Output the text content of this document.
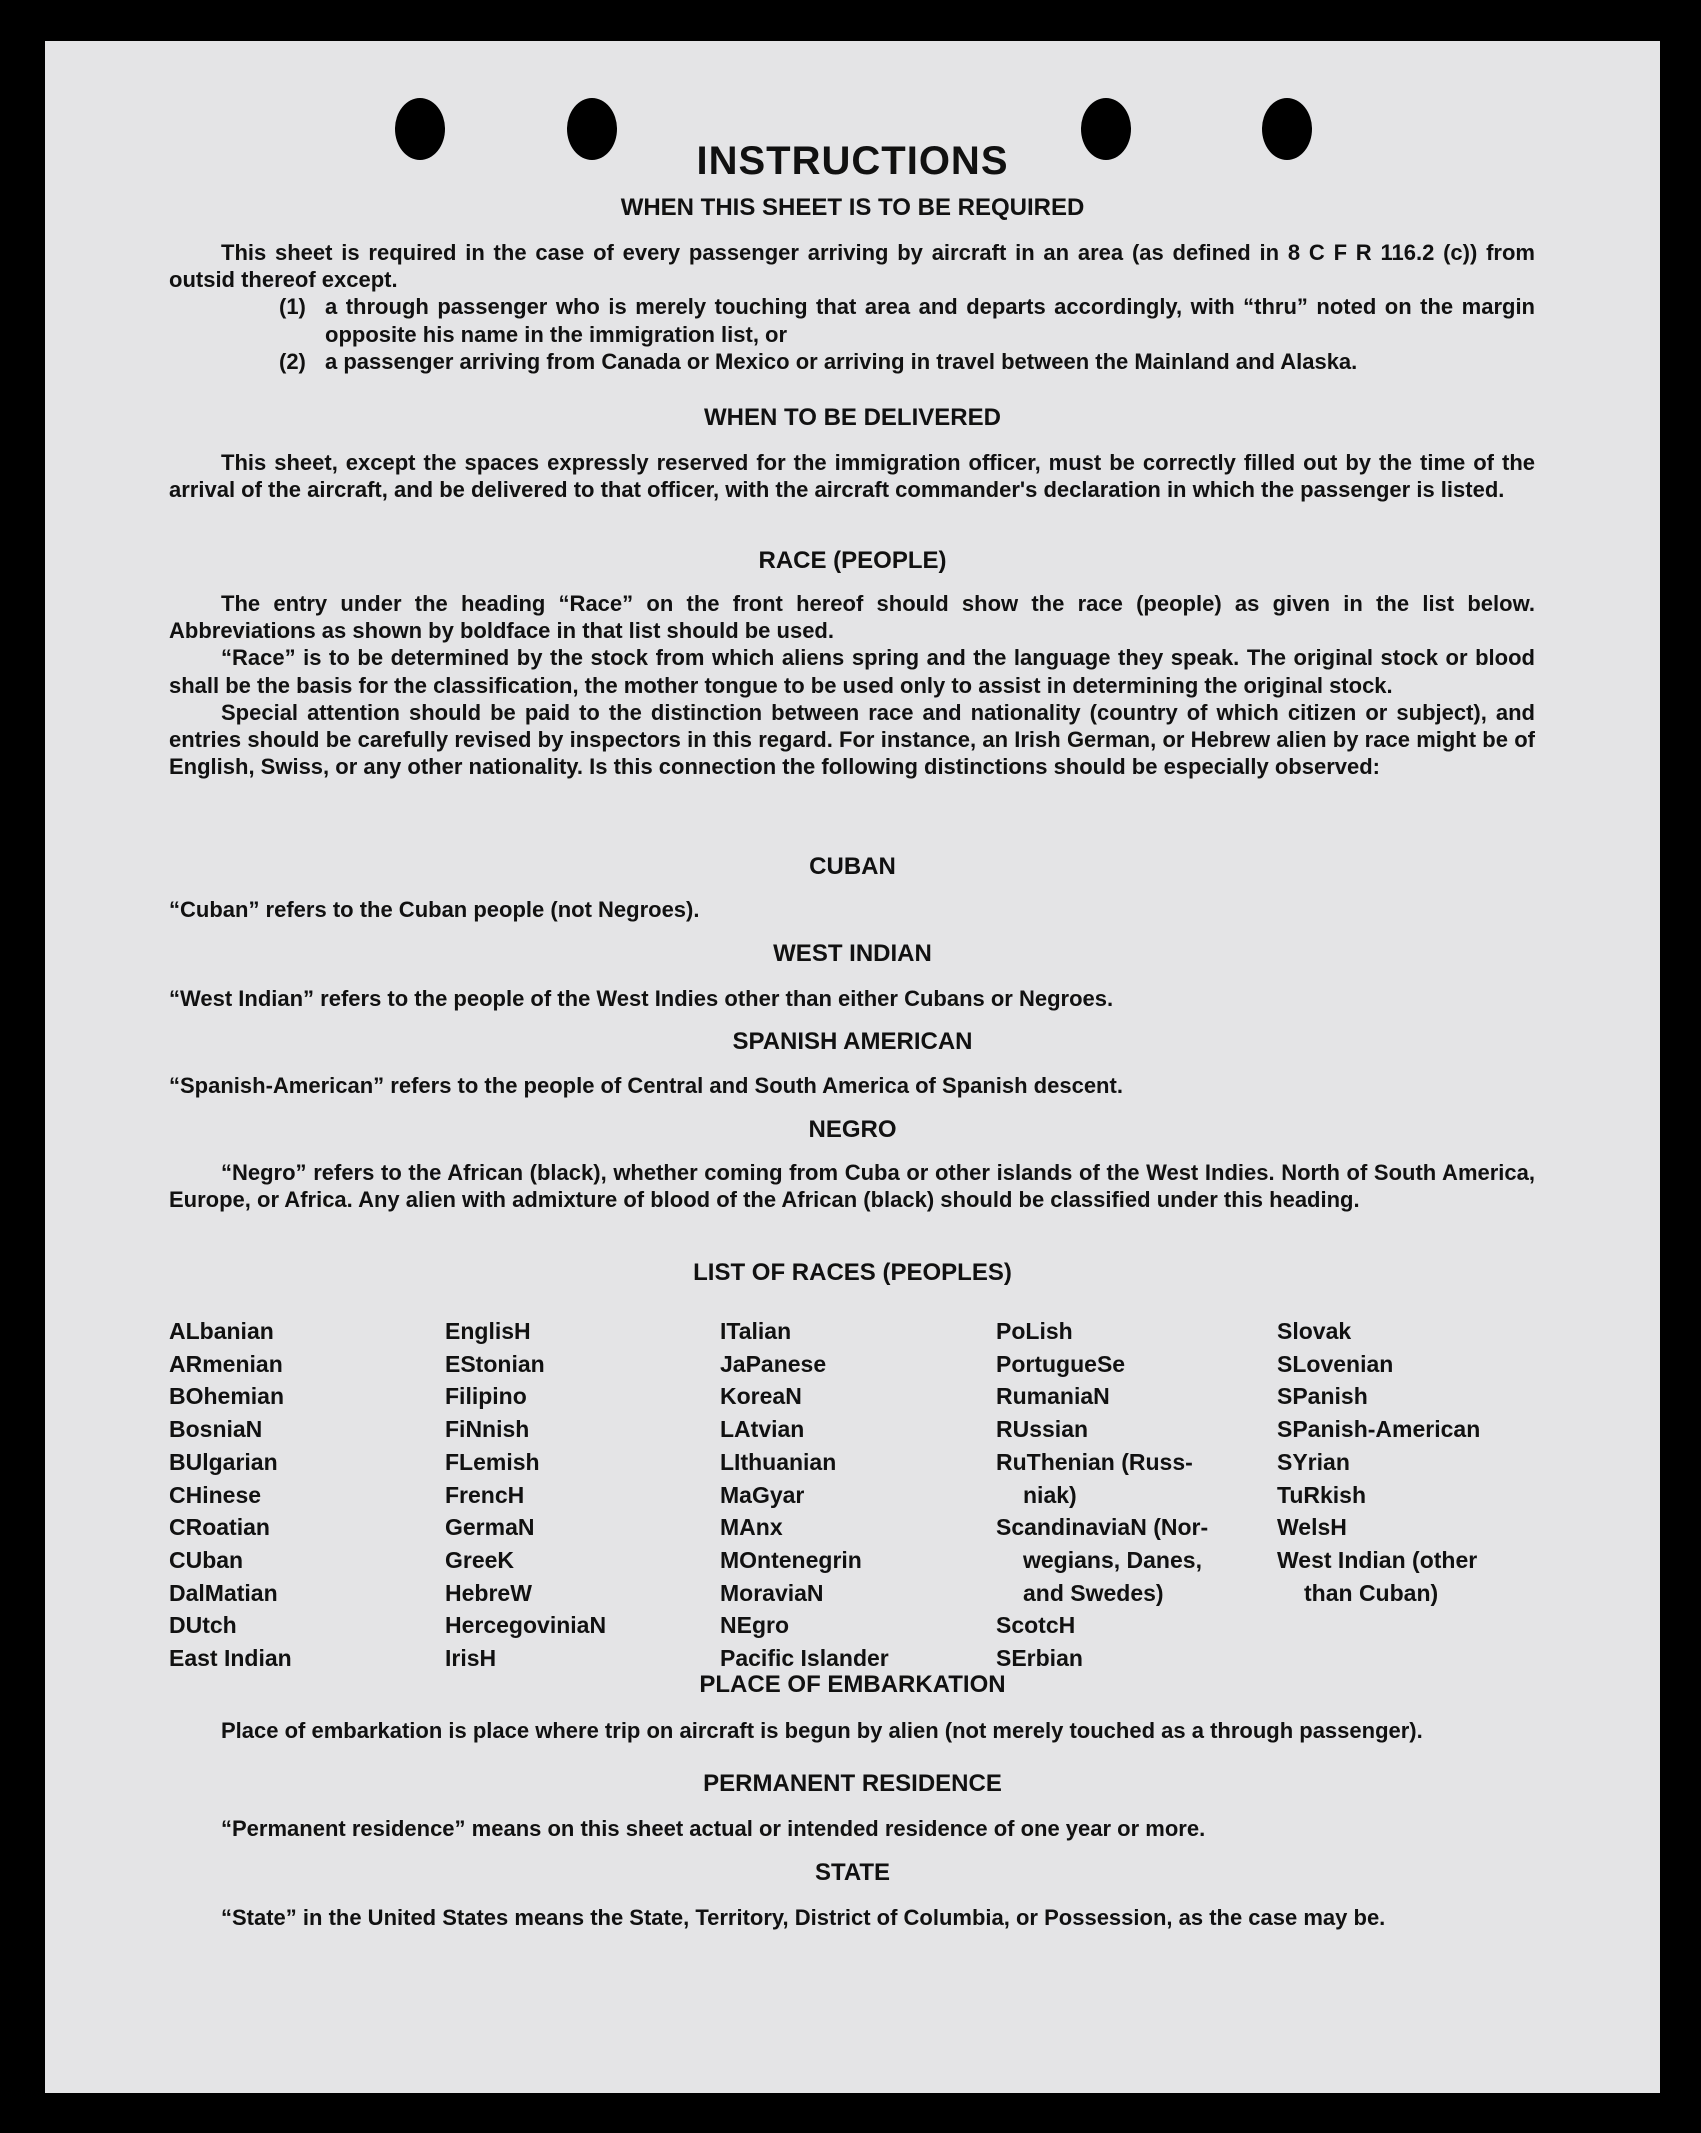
INSTRUCTIONS
WHEN THIS SHEET IS TO BE REQUIRED

This sheet is required in the case of every passenger arriving by aircraft in an area (as defined in 8 C F R 116.2 (c)) from outsid thereof except.

(1) a through passenger who is merely touching that area and departs accordingly, with “thru” noted on the margin opposite his name in the immigration list, or
(2) a passenger arriving from Canada or Mexico or arriving in travel between the Mainland and Alaska.
WHEN TO BE DELIVERED

This sheet, except the spaces expressly reserved for the immigration officer, must be correctly filled out by the time of the arrival of the aircraft, and be delivered to that officer, with the aircraft commander's declaration in which the passenger is listed.

RACE (PEOPLE)

The entry under the heading “Race” on the front hereof should show the race (people) as given in the list below. Abbreviations as shown by boldface in that list should be used.

“Race” is to be determined by the stock from which aliens spring and the language they speak. The original stock or blood shall be the basis for the classification, the mother tongue to be used only to assist in determining the original stock.

Special attention should be paid to the distinction between race and nationality (country of which citizen or subject), and entries should be carefully revised by inspectors in this regard. For instance, an Irish German, or Hebrew alien by race might be of English, Swiss, or any other nationality. Is this connection the following distinctions should be especially observed:

CUBAN
“Cuban” refers to the Cuban people (not Negroes).
WEST INDIAN
“West Indian” refers to the people of the West Indies other than either Cubans or Negroes.
SPANISH AMERICAN
“Spanish-American” refers to the people of Central and South America of Spanish descent.
NEGRO

“Negro” refers to the African (black), whether coming from Cuba or other islands of the West Indies. North of South America, Europe, or Africa. Any alien with admixture of blood of the African (black) should be classified under this heading.

LIST OF RACES (PEOPLES)
ALbanian
ARmenian
BOhemian
BosniaN
BUlgarian
CHinese
CRoatian
CUban
DalMatian
DUtch
East Indian
EnglisH
EStonian
Filipino
FiNnish
FLemish
FrencH
GermaN
GreeK
HebreW
HercegoviniaN
IrisH
ITalian
JaPanese
KoreaN
LAtvian
LIthuanian
MaGyar
MAnx
MOntenegrin
MoraviaN
NEgro
Pacific Islander
PoLish
PortugueSe
RumaniaN
RUssian
RuThenian (Russ-
niak)
ScandinaviaN (Nor-
wegians, Danes,
and Swedes)
ScotcH
SErbian
Slovak
SLovenian
SPanish
SPanish-American
SYrian
TuRkish
WelsH
West Indian (other
than Cuban)
PLACE OF EMBARKATION

Place of embarkation is place where trip on aircraft is begun by alien (not merely touched as a through passenger).

PERMANENT RESIDENCE

“Permanent residence” means on this sheet actual or intended residence of one year or more.

STATE

“State” in the United States means the State, Territory, District of Columbia, or Possession, as the case may be.
